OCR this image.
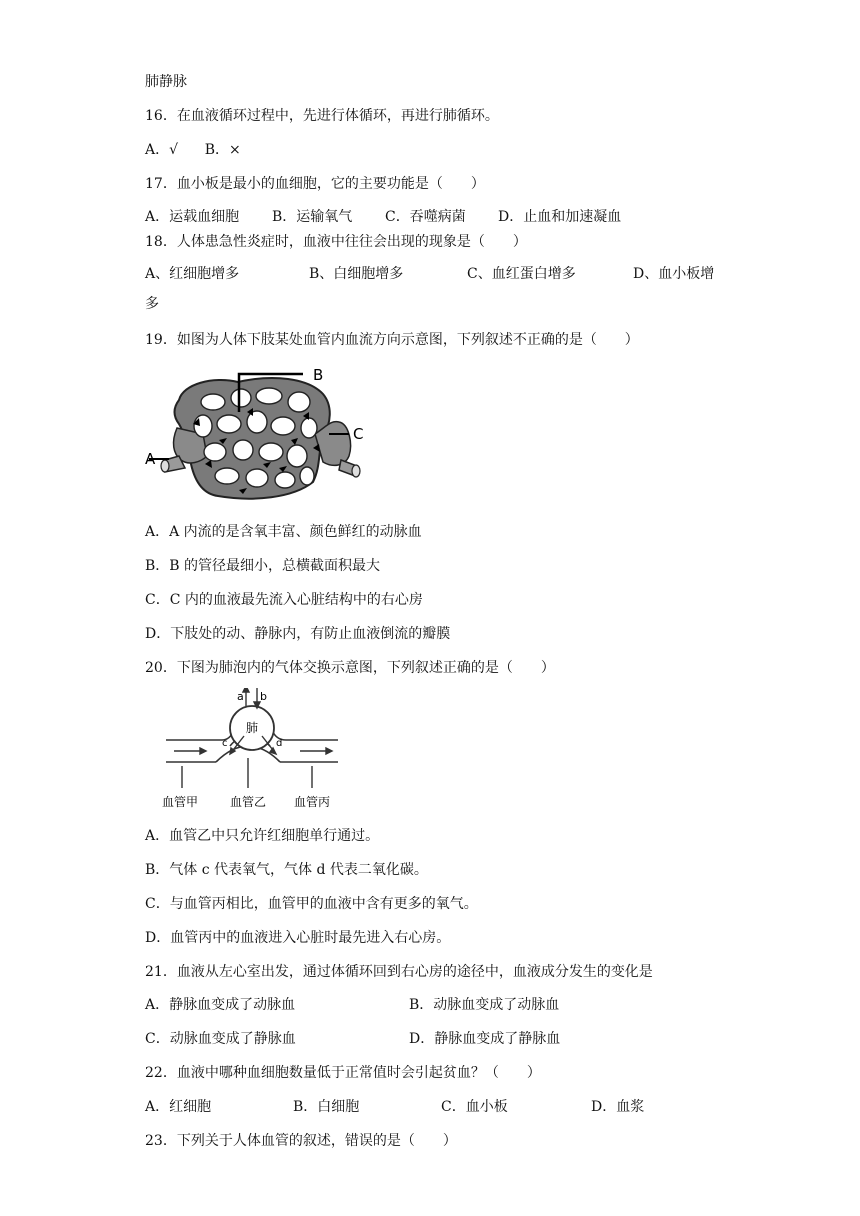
肺静脉
16．在血液循环过程中，先进行体循环，再进行肺循环。
A．√      B．×
17．血小板是最小的血细胞，它的主要功能是（　　）
A．运载血细胞 B．运输氧气 C．吞噬病菌 D．止血和加速凝血
18．人体患急性炎症时，血液中往往会出现的现象是（　　）
A、红细胞增多	B、白细胞增多	C、血红蛋白增多	D、血小板增
多
19．如图为人体下肢某处血管内血流方向示意图，下列叙述不正确的是（　　）
B
A
C
A．A 内流的是含氧丰富、颜色鲜红的动脉血
B．B 的管径最细小，总横截面积最大
C．C 内的血液最先流入心脏结构中的右心房
D．下肢处的动、静脉内，有防止血液倒流的瓣膜
20．下图为肺泡内的气体交换示意图，下列叙述正确的是（　　）
a b
c	d
肺
血管甲	血管乙 血管丙
A．血管乙中只允许红细胞单行通过。
B．气体 c 代表氧气，气体 d 代表二氧化碳。
C．与血管丙相比，血管甲的血液中含有更多的氧气。
D．血管丙中的血液进入心脏时最先进入右心房。
21．血液从左心室出发，通过体循环回到右心房的途径中，血液成分发生的变化是
A．静脉血变成了动脉血	B．动脉血变成了动脉血
C．动脉血变成了静脉血	D．静脉血变成了静脉血
22．血液中哪种血细胞数量低于正常值时会引起贫血？（　　）
A．红细胞	B．白细胞	C．血小板	D．血浆
23．下列关于人体血管的叙述，错误的是（　　）
